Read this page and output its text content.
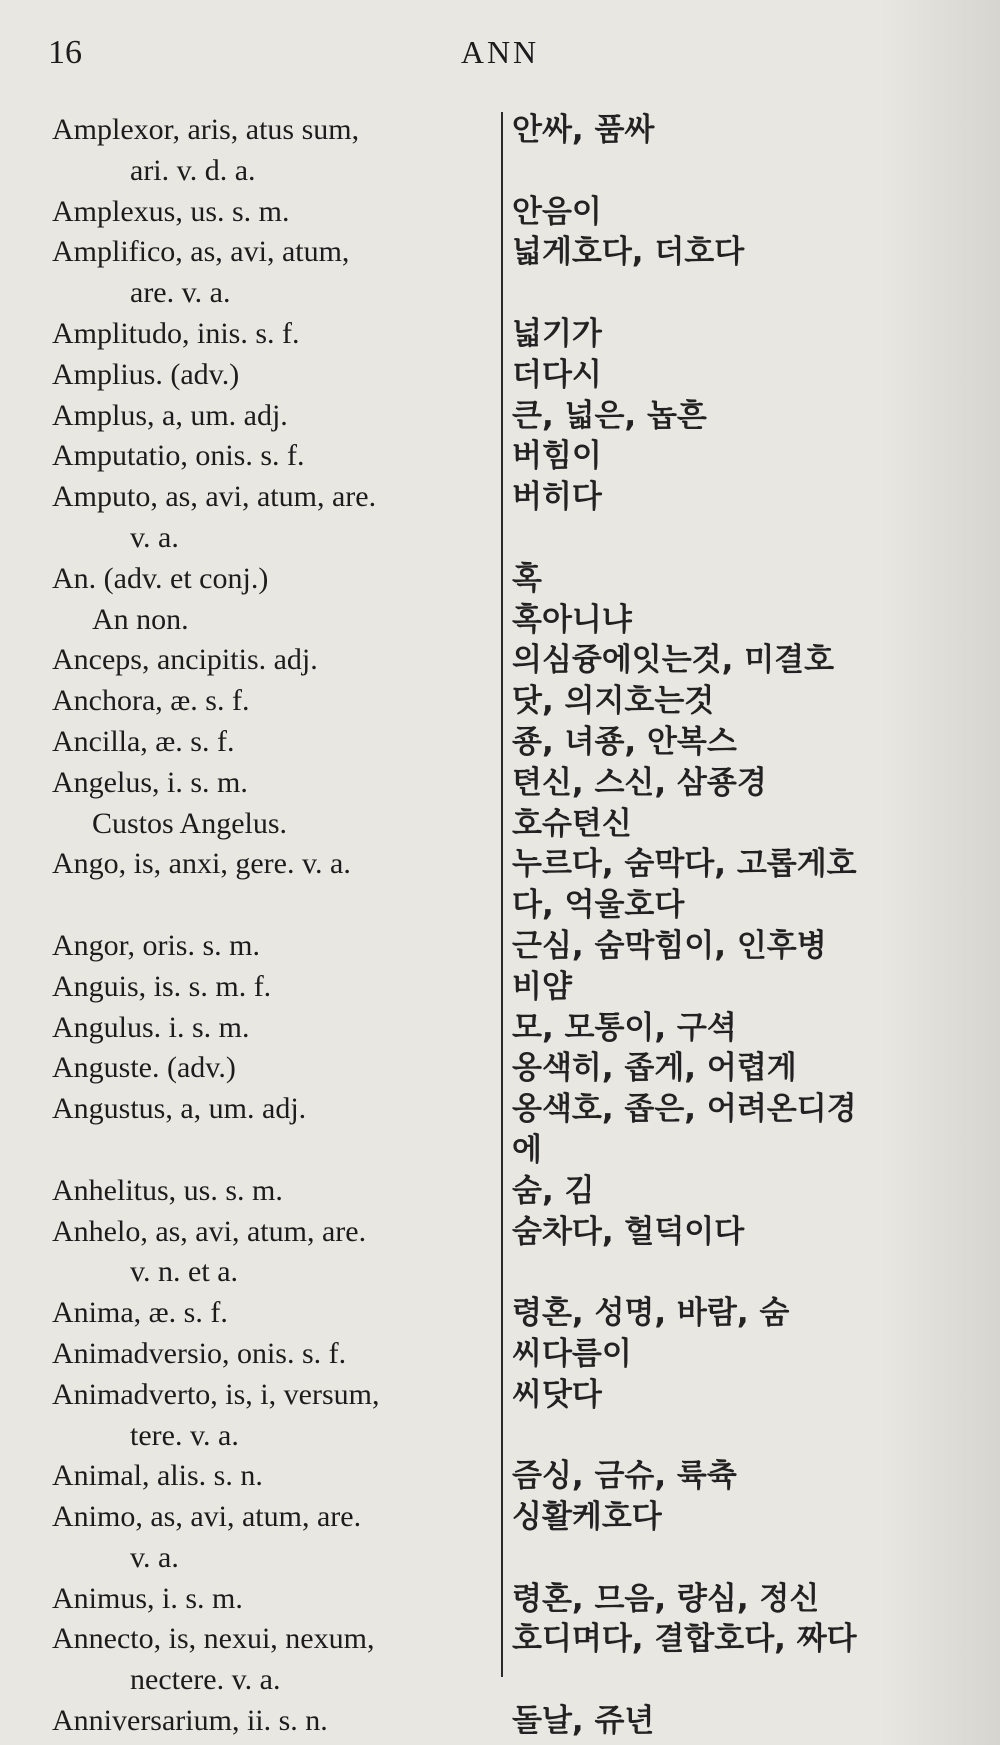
16	ANN
Amplexor, aris, atus sum,	안싸, 품싸
ari. v. d. a.
Amplexus, us. s. m.	안음이
Amplifico, as, avi, atum,	넓게호다, 더호다
are. v. a.
Amplitudo, inis. s. f.	넓기가
Amplius. (adv.)	더다시
Amplus, a, um. adj.	큰, 넓은, 놉흔
Amputatio, onis. s. f.	버힘이
Amputo, as, avi, atum, are.	버히다
v. a.
An. (adv. et conj.)	혹
An non.	혹아니냐
Anceps, ancipitis. adj.	의심즁에잇는것, 미결호
Anchora, æ. s. f.	닷, 의지호는것
Ancilla, æ. s. f.	죵, 녀죵, 안복스
Angelus, i. s. m.	텬신, 스신, 삼죵경
Custos Angelus.	호슈텬신
Ango, is, anxi, gere. v. a.	누르다, 숨막다, 고롭게호
다, 억울호다
Angor, oris. s. m.	근심, 숨막힘이, 인후병
Anguis, is. s. m. f.	비얌
Angulus. i. s. m.	모, 모통이, 구셕
Anguste. (adv.)	옹색히, 좁게, 어렵게
Angustus, a, um. adj.	옹색호, 좁은, 어려온디경
에
Anhelitus, us. s. m.	숨, 김
Anhelo, as, avi, atum, are.	숨차다, 헐덕이다
v. n. et a.
Anima, æ. s. f.	령혼, 성명, 바람, 숨
Animadversio, onis. s. f.	씨다름이
Animadverto, is, i, versum,	씨닷다
tere. v. a.
Animal, alis. s. n.	즘싱, 금슈, 륙츅
Animo, as, avi, atum, are.	싱활케호다
v. a.
Animus, i. s. m.	령혼, 므음, 량심, 정신
Annecto, is, nexui, nexum,	호디며다, 결합호다, 짜다
nectere. v. a.
Anniversarium, ii. s. n.	돌날, 쥬년
